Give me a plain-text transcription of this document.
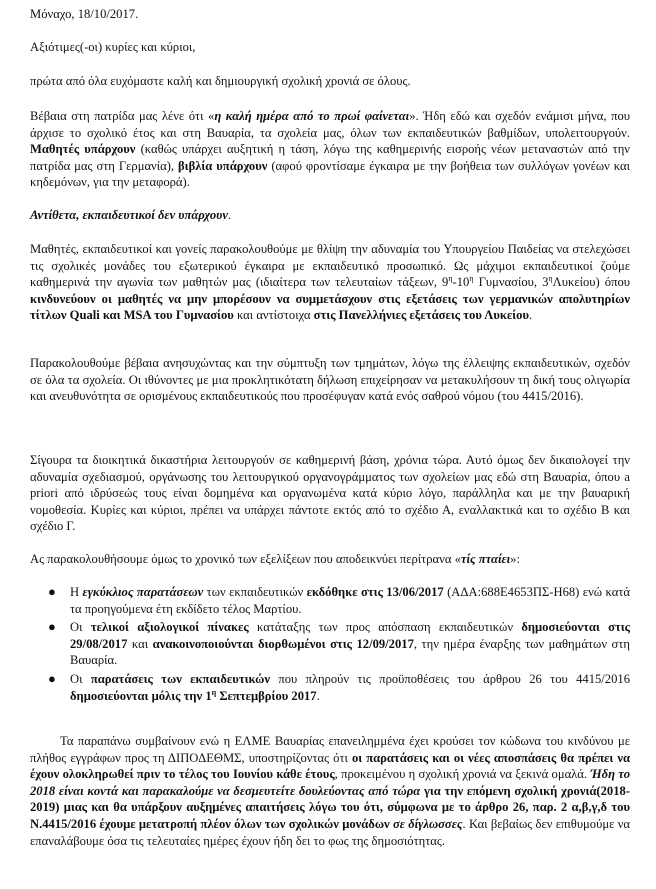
Μόναχο, 18/10/2017.

Αξιότιμες(-οι) κυρίες και κύριοι,

πρώτα από όλα ευχόμαστε καλή και δημιουργική σχολική χρονιά σε όλους.

Βέβαια στη πατρίδα μας λένε ότι «η καλή ημέρα από το πρωί φαίνεται». Ήδη εδώ και σχεδόν ενάμισι μήνα, που άρχισε το σχολικό έτος και στη Βαυαρία, τα σχολεία μας, όλων των εκπαιδευτικών βαθμίδων, υπολειτουργούν. Μαθητές υπάρχουν (καθώς υπάρχει αυξητική η τάση, λόγω της καθημερινής εισροής νέων μεταναστών από την πατρίδα μας στη Γερμανία), βιβλία υπάρχουν (αφού φροντίσαμε έγκαιρα με την βοήθεια των συλλόγων γονέων και κηδεμόνων, για την μεταφορά).

Αντίθετα, εκπαιδευτικοί δεν υπάρχουν.

Μαθητές, εκπαιδευτικοί και γονείς παρακολουθούμε με θλίψη την αδυναμία του Υπουργείου Παιδείας να στελεχώσει τις σχολικές μονάδες του εξωτερικού έγκαιρα με εκπαιδευτικό προσωπικό. Ως μάχιμοι εκπαιδευτικοί ζούμε καθημερινά την αγωνία των μαθητών μας (ιδιαίτερα των τελευταίων τάξεων, $9^\eta-10^\eta$ Γυμνασίου, $3^\eta\Lambda\upsilon\kappa\varepsilon ίo\upsilon$) όπου κινδυνεύουν οι μαθητές να μην μπορέσουν να συμμετάσχουν στις εξετάσεις των γερμανικών απολυτηρίων τίτλων Quali και MSA του Γυμνασίου και αντίστοιχα στις Πανελλήνιες εξετάσεις του Λυκείου.

Παρακολουθούμε βέβαια ανησυχώντας και την σύμπτυξη των τμημάτων, λόγω της έλλειψης εκπαιδευτικών, σχεδόν σε όλα τα σχολεία. Οι ιθύνοντες με μια προκλητικότατη δήλωση επιχείρησαν να μετακυλήσουν τη δική τους ολιγωρία και ανευθυνότητα σε ορισμένους εκπαιδευτικούς που προσέφυγαν κατά ενός σαθρού νόμου (του 4415/2016).

Σίγουρα τα διοικητικά δικαστήρια λειτουργούν σε καθημερινή βάση, χρόνια τώρα. Αυτό όμως δεν δικαιολογεί την αδυναμία σχεδιασμού, οργάνωσης του λειτουργικού οργανογράμματος των σχολείων μας εδώ στη Βαυαρία, όπου a priori από ιδρύσεώς τους είναι δομημένα και οργανωμένα κατά κύριο λόγο, παράλληλα και με την βαυαρική νομοθεσία. Κυρίες και κύριοι, πρέπει να υπάρχει πάντοτε εκτός από το σχέδιο Α, εναλλακτικά και το σχέδιο Β και σχέδιο Γ.

Ας παρακολουθήσουμε όμως το χρονικό των εξελίξεων που αποδεικνύει περίτρανα «τίς πταίει»:

● Η εγκύκλιος παρατάσεων των εκπαιδευτικών εκδόθηκε στις 13/06/2017 (ΑΔΑ:688Ε4653ΠΣ-Η68) ενώ κατά τα προηγούμενα έτη εκδίδετο τέλος Μαρτίου.
● Οι τελικοί αξιολογικοί πίνακες κατάταξης των προς απόσπαση εκπαιδευτικών δημοσιεύονται στις 29/08/2017 και ανακοινοποιούνται διορθωμένοι στις 12/09/2017, την ημέρα έναρξης των μαθημάτων στη Βαυαρία.
● Οι παρατάσεις των εκπαιδευτικών που πληρούν τις προϋποθέσεις του άρθρου 26 του 4415/2016 δημοσιεύονται μόλις την $1^\eta$ Σεπτεμβρίου 2017.

Τα παραπάνω συμβαίνουν ενώ η ΕΛΜΕ Βαυαρίας επανειλημμένα έχει κρούσει τον κώδωνα του κινδύνου με πλήθος εγγράφων προς τη ΔΙΠΟΔΕΘΜΣ, υποστηρίζοντας ότι οι παρατάσεις και οι νέες αποσπάσεις θα πρέπει να έχουν ολοκληρωθεί πριν το τέλος του Ιουνίου κάθε έτους, προκειμένου η σχολική χρονιά να ξεκινά ομαλά. Ήδη το 2018 είναι κοντά και παρακαλούμε να δεσμευτείτε δουλεύοντας από τώρα για την επόμενη σχολική χρονιά(2018-2019) μιας και θα υπάρξουν αυξημένες απαιτήσεις λόγω του ότι, σύμφωνα με το άρθρο 26, παρ. 2 α,β,γ,δ του Ν.4415/2016 έχουμε μετατροπή πλέον όλων των σχολικών μονάδων σε δίγλωσσες. Και βεβαίως δεν επιθυμούμε να επαναλάβουμε όσα τις τελευταίες ημέρες έχουν ήδη δει το φως της δημοσιότητας.
